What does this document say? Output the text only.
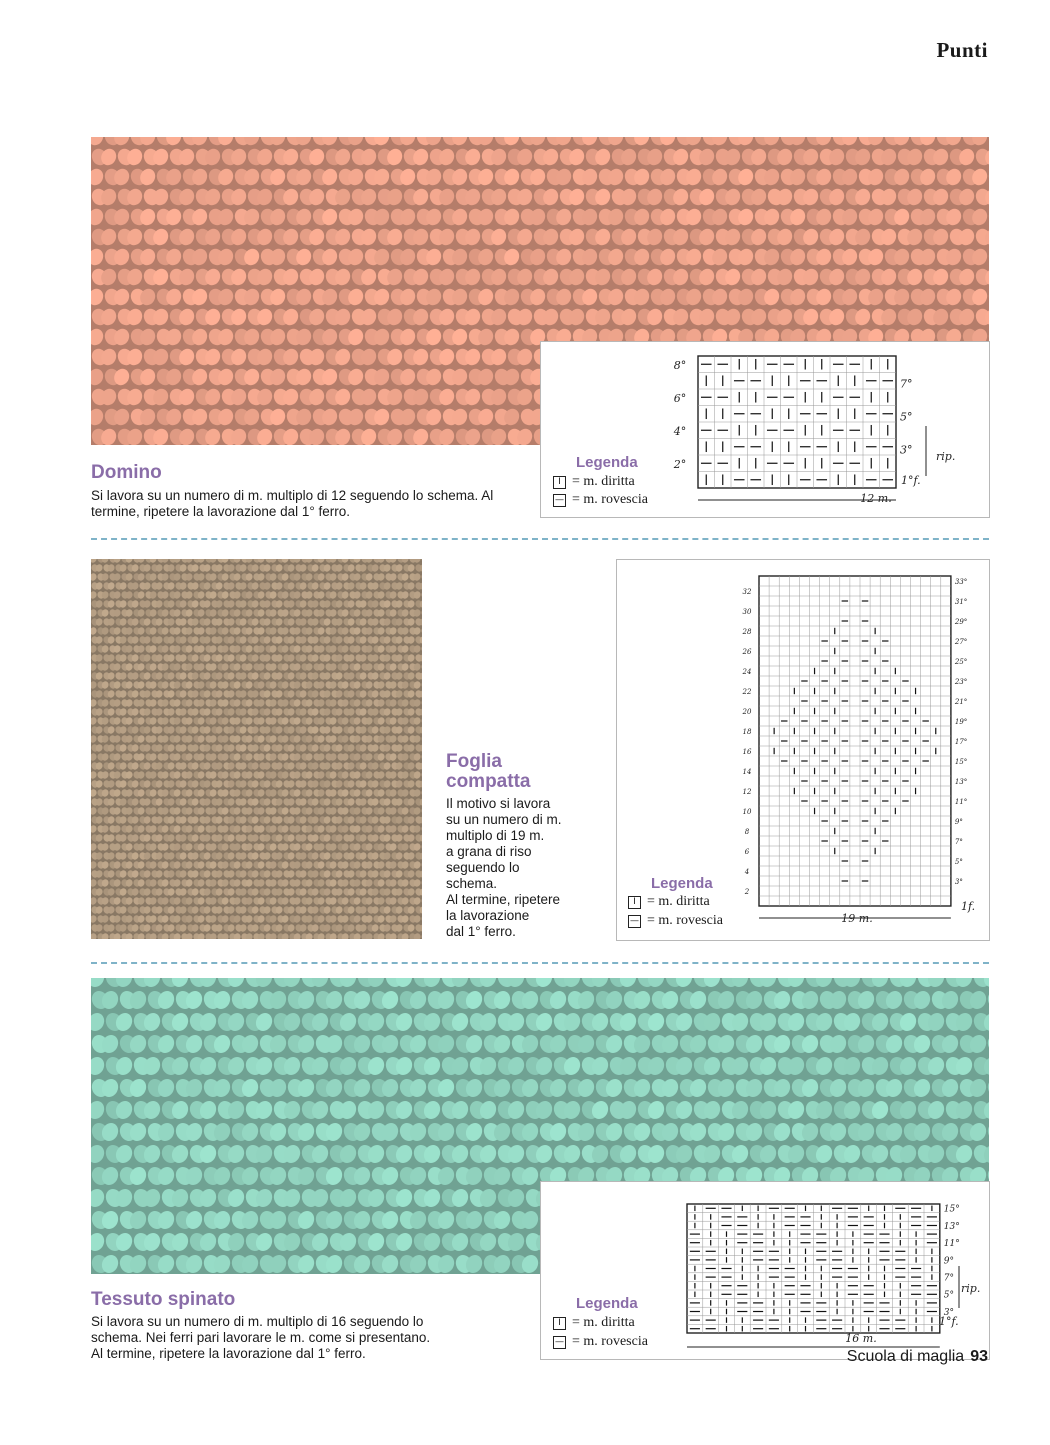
Punti
Legenda
I = m. diritta
— = m. rovescia
8°
6°
4°
2°
7°
5°
3°
12 m.
rip.
1°f.
Domino
Si lavora su un numero di m. multiplo di 12 seguendo lo schema. Al termine, ripetere la lavorazione dal 1° ferro.
Foglia
compatta
Il motivo si lavora
su un numero di m.
multiplo di 19 m.
a grana di riso
seguendo lo
schema.
Al termine, ripetere
la lavorazione
dal 1° ferro.
Legenda
I = m. diritta
— = m. rovescia
32
30
28
26
24
22
20
18
16
14
12
10
8
6
4
2
33°
31°
29°
27°
25°
23°
21°
19°
17°
15°
13°
11°
9°
7°
5°
3°
19 m.
1f.
Legenda
I = m. diritta
— = m. rovescia
15°
13°
11°
9°
7°
5°
3°
16 m.
rip.
1°f.
Tessuto spinato
Si lavora su un numero di m. multiplo di 16 seguendo lo
schema. Nei ferri pari lavorare le m. come si presentano.
Al termine, ripetere la lavorazione dal 1° ferro.	Scuola di maglia 93
